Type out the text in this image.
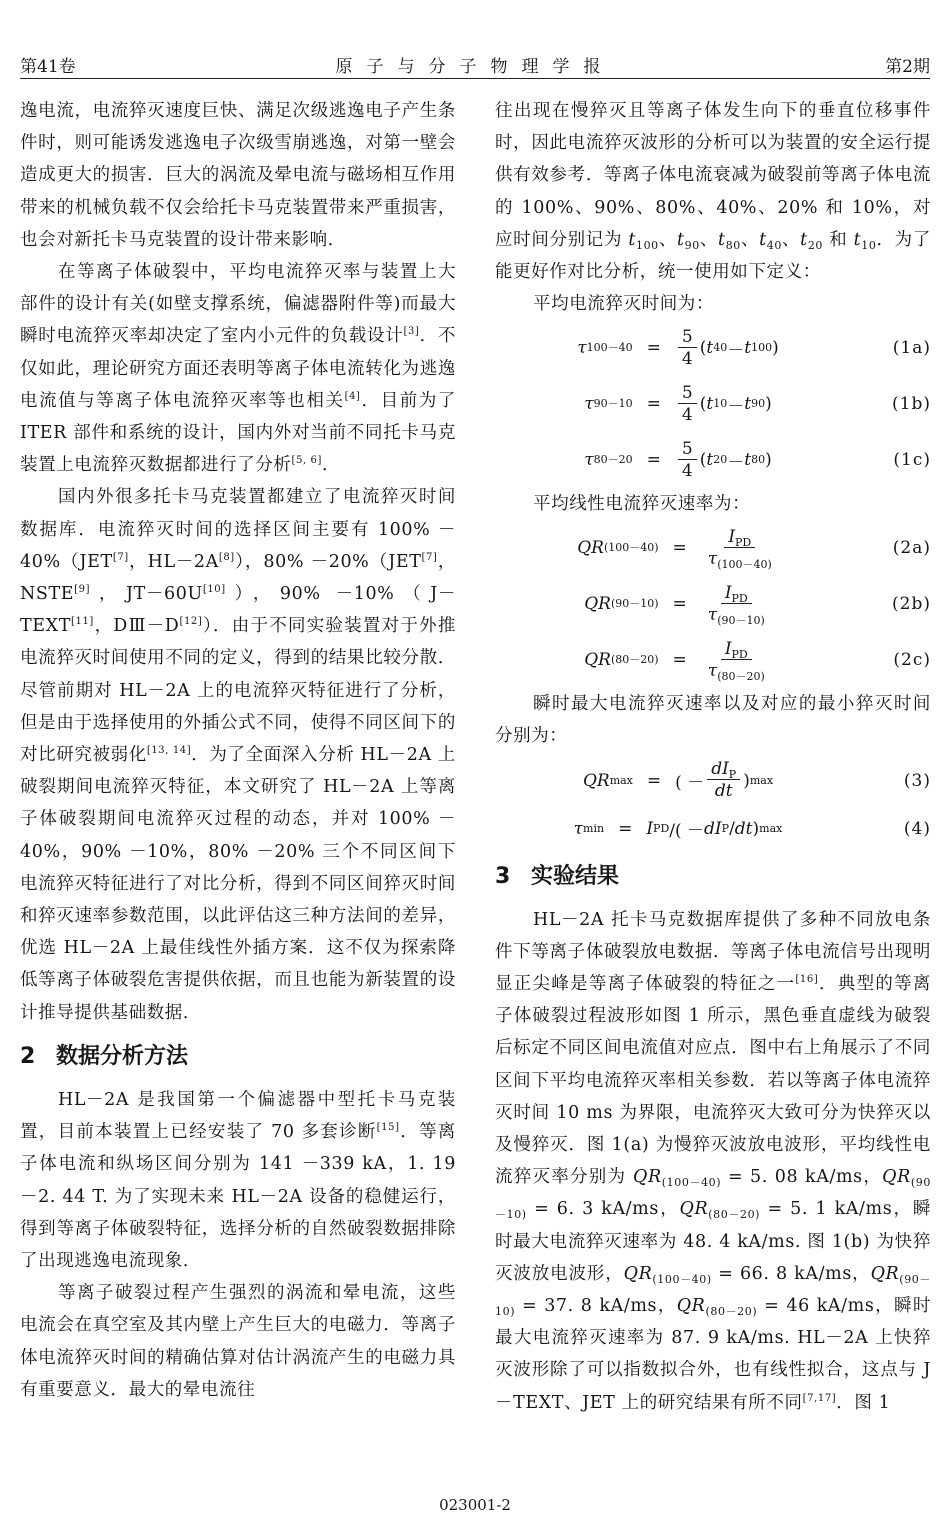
第41卷	原子与分子物理学报	第2期

逸电流，电流猝灭速度巨快、满足次级逃逸电子产生条件时，则可能诱发逃逸电子次级雪崩逃逸，对第一壁会造成更大的损害．巨大的涡流及晕电流与磁场相互作用带来的机械负载不仅会给托卡马克装置带来严重损害，也会对新托卡马克装置的设计带来影响．

在等离子体破裂中，平均电流猝灭率与装置上大部件的设计有关(如壁支撑系统，偏滤器附件等)而最大瞬时电流猝灭率却决定了室内小元件的负载设计[3]．不仅如此，理论研究方面还表明等离子体电流转化为逃逸电流值与等离子体电流猝灭率等也相关[4]．目前为了 ITER 部件和系统的设计，国内外对当前不同托卡马克装置上电流猝灭数据都进行了分析[5, 6]．

国内外很多托卡马克装置都建立了电流猝灭时间数据库．电流猝灭时间的选择区间主要有 100% －40%（JET[7]，HL－2A[8]），80% －20%（JET[7]，NSTE[9]，JT－60U[10]），90% －10%（J－TEXT[11]，DⅢ－D[12]）．由于不同实验装置对于外推电流猝灭时间使用不同的定义，得到的结果比较分散．尽管前期对 HL－2A 上的电流猝灭特征进行了分析，但是由于选择使用的外插公式不同，使得不同区间下的对比研究被弱化[13, 14]．为了全面深入分析 HL－2A 上破裂期间电流猝灭特征，本文研究了 HL－2A 上等离子体破裂期间电流猝灭过程的动态，并对 100% －40%，90% －10%，80% －20% 三个不同区间下电流猝灭特征进行了对比分析，得到不同区间猝灭时间和猝灭速率参数范围，以此评估这三种方法间的差异，优选 HL－2A 上最佳线性外插方案．这不仅为探索降低等离子体破裂危害提供依据，而且也能为新装置的设计推导提供基础数据．

2 数据分析方法

HL－2A 是我国第一个偏滤器中型托卡马克装置，目前本装置上已经安装了 70 多套诊断[15]．等离子体电流和纵场区间分别为 141 －339 kA，1. 19 －2. 44 T. 为了实现未来 HL－2A 设备的稳健运行，得到等离子体破裂特征，选择分析的自然破裂数据排除了出现逃逸电流现象．

等离子破裂过程产生强烈的涡流和晕电流，这些电流会在真空室及其内壁上产生巨大的电磁力．等离子体电流猝灭时间的精确估算对估计涡流产生的电磁力具有重要意义．最大的晕电流往

往出现在慢猝灭且等离子体发生向下的垂直位移事件时，因此电流猝灭波形的分析可以为装置的安全运行提供有效参考．等离子体电流衰减为破裂前等离子体电流的 100%、90%、80%、40%、20% 和 10%，对应时间分别记为 $t_{100}$、$t_{90}$、$t_{80}$、$t_{40}$、$t_{20}$ 和 $t_{10}$．为了能更好作对比分析，统一使用如下定义：

平均电流猝灭时间为：

τ $100-40 = \frac{5}{4}$ ( t 40 － t 100 )	(1a)
τ $90-10 = \frac{5}{4}$ ( t 10 － t 90 )	(1b)
τ $80-20 = \frac{5}{4}$ ( t 20 － t 80 )	(1c)

平均线性电流猝灭速率为：

QR $(100-40) = \frac{I_{PD}}{\tau_{(100-40)}}$	(2a)
QR $(90-10) = \frac{I_{PD}}{\tau_{(90-10)}}$	(2b)
QR $(80-20) = \frac{I_{PD}}{\tau_{(80-20)}}$	(2c)

瞬时最大电流猝灭速率以及对应的最小猝灭时间分别为：

QR max = ( － $\frac{dI_P}{dt}$ ) max	(3)
τ min = I PD /( － dI P / dt ) max	(4)
3 实验结果

HL－2A 托卡马克数据库提供了多种不同放电条件下等离子体破裂放电数据．等离子体电流信号出现明显正尖峰是等离子体破裂的特征之一[16]．典型的等离子体破裂过程波形如图 1 所示，黑色垂直虚线为破裂后标定不同区间电流值对应点．图中右上角展示了不同区间下平均电流猝灭率相关参数．若以等离子体电流猝灭时间 10 ms 为界限，电流猝灭大致可分为快猝灭以及慢猝灭．图 1(a) 为慢猝灭波放电波形，平均线性电流猝灭率分别为 $QR_{(100-40)} = 5$. 08 kA/ms，$QR_{(90-10)} = 6$. 3 kA/ms，$QR_{(80-20)} = 5$. 1 kA/ms，瞬时最大电流猝灭速率为 48. 4 kA/ms. 图 1(b) 为快猝灭波放电波形，$QR_{(100-40)} = 66$. 8 kA/ms，$QR_{(90-10)} = 37$. 8 kA/ms，$QR_{(80-20)} = 46$ kA/ms，瞬时最大电流猝灭速率为 87. 9 kA/ms. HL－2A 上快猝灭波形除了可以指数拟合外，也有线性拟合，这点与 J－TEXT、JET 上的研究结果有所不同[7,17]．图 1

023001-2
